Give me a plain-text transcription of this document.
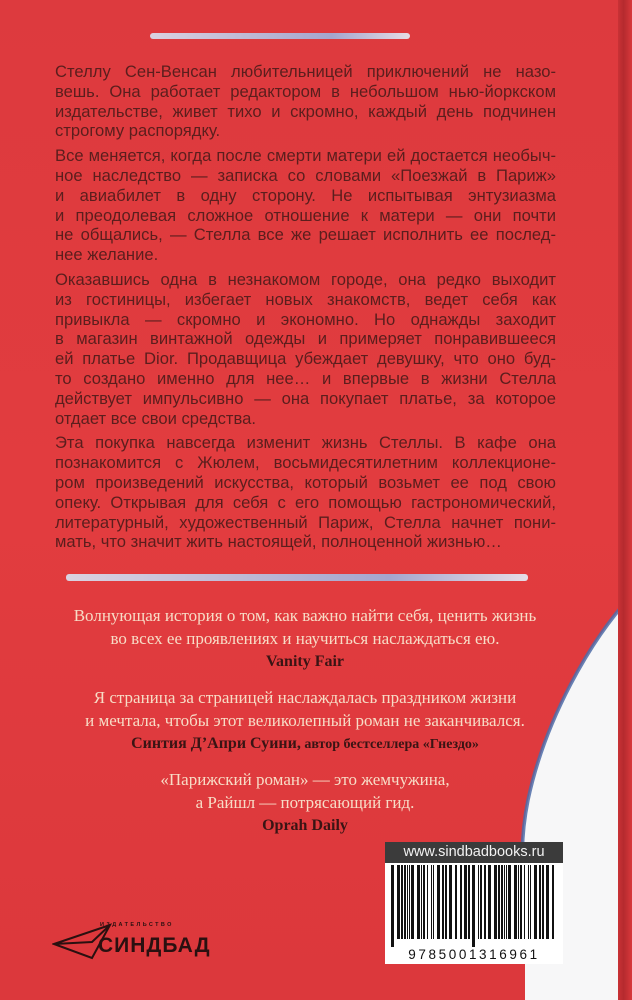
Стеллу Сен-Венсан любительницей приключений не назо-
вешь. Она работает редактором в небольшом нью-йоркском
издательстве, живет тихо и скромно, каждый день подчинен
строгому распорядку.
Все меняется, когда после смерти матери ей достается необыч-
ное наследство — записка со словами «Поезжай в Париж»
и авиабилет в одну сторону. Не испытывая энтузиазма
и преодолевая сложное отношение к матери — они почти
не общались, — Стелла все же решает исполнить ее послед-
нее желание.
Оказавшись одна в незнакомом городе, она редко выходит
из гостиницы, избегает новых знакомств, ведет себя как
привыкла — скромно и экономно. Но однажды заходит
в магазин винтажной одежды и примеряет понравившееся
ей платье Dior. Продавщица убеждает девушку, что оно буд-
то создано именно для нее… и впервые в жизни Стелла
действует импульсивно — она покупает платье, за которое
отдает все свои средства.
Эта покупка навсегда изменит жизнь Стеллы. В кафе она
познакомится с Жюлем, восьмидесятилетним коллекционе-
ром произведений искусства, который возьмет ее под свою
опеку. Открывая для себя с его помощью гастрономический,
литературный, художественный Париж, Стелла начнет пони-
мать, что значит жить настоящей, полноценной жизнью…
Волнующая история о том, как важно найти себя, ценить жизнь
во всех ее проявлениях и научиться наслаждаться ею.
Vanity Fair
Я страница за страницей наслаждалась праздником жизни
и мечтала, чтобы этот великолепный роман не заканчивался.
Синтия Д’Апри Суини, автор бестселлера «Гнездо»
«Парижский роман» — это жемчужина,
а Райшл — потрясающий гид.
Oprah Daily
ИЗДАТЕЛЬСТВО
СИНДБАД
www.sindbadbooks.ru
9785001316961
